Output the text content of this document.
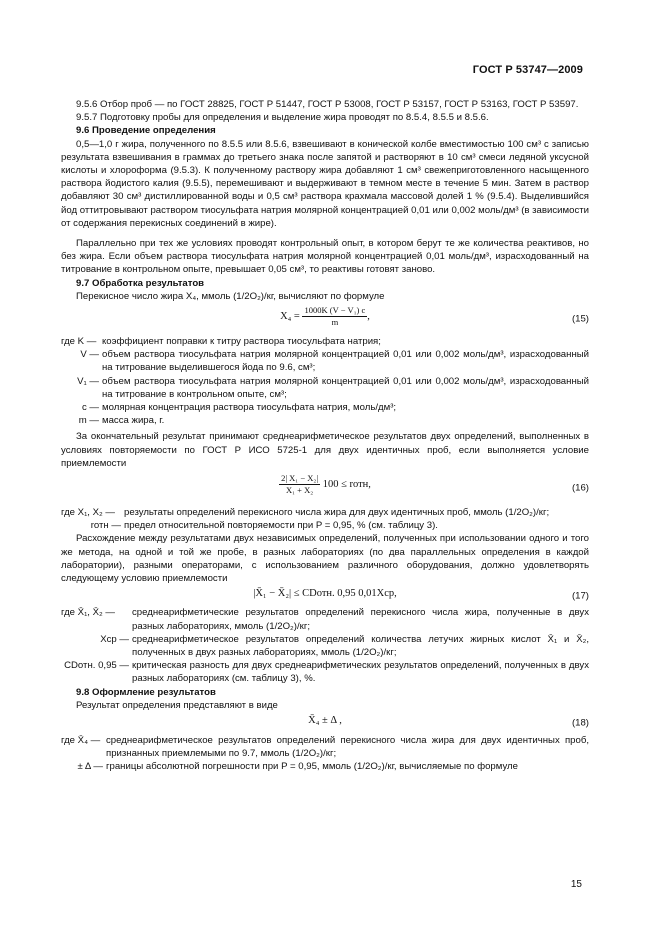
ГОСТ Р 53747—2009

9.5.6 Отбор проб — по ГОСТ 28825, ГОСТ Р 51447, ГОСТ Р 53008, ГОСТ Р 53157, ГОСТ Р 53163, ГОСТ Р 53597.

9.5.7 Подготовку пробы для определения и выделение жира проводят по 8.5.4, 8.5.5 и 8.5.6.

9.6 Проведение определения

0,5—1,0 г жира, полученного по 8.5.5 или 8.5.6, взвешивают в конической колбе вместимостью 100 см³ с записью результата взвешивания в граммах до третьего знака после запятой и растворяют в 10 см³ смеси ледяной уксусной кислоты и хлороформа (9.5.3). К полученному раствору жира добавляют 1 см³ свежеприготовленного насыщенного раствора йодистого калия (9.5.5), перемешивают и выдерживают в темном месте в течение 5 мин. Затем в раствор добавляют 30 см³ дистиллированной воды и 0,5 см³ раствора крахмала массовой долей 1 % (9.5.4). Выделившийся йод оттитровывают раствором тиосульфата натрия молярной концентрацией 0,01 или 0,002 моль/дм³ (в зависимости от содержания перекисных соединений в жире).

Параллельно при тех же условиях проводят контрольный опыт, в котором берут те же количества реактивов, но без жира. Если объем раствора тиосульфата натрия молярной концентрацией 0,01 моль/дм³, израсходованный на титрование в контрольном опыте, превышает 0,05 см³, то реактивы готовят заново.

9.7 Обработка результатов

Перекисное число жира X₄, ммоль (1/2O₂)/кг, вычисляют по формуле

$X_4 = \frac{\text{1000K (V − V₁) c}}{m}$ ,	(15)
где K — коэффициент поправки к титру раствора тиосульфата натрия;
V — объем раствора тиосульфата натрия молярной концентрацией 0,01 или 0,002 моль/дм³, израсходованный на титрование выделившегося йода по 9.6, см³;
V₁ — объем раствора тиосульфата натрия молярной концентрацией 0,01 или 0,002 моль/дм³, израсходованный на титрование в контрольном опыте, см³;
c — молярная концентрация раствора тиосульфата натрия, моль/дм³;
m — масса жира, г.

За окончательный результат принимают среднеарифметическое результатов двух определений, выполненных в условиях повторяемости по ГОСТ Р ИСО 5725-1 для двух идентичных проб, если выполняется условие приемлемости

$\frac{\text{2| X₁ − X₂|}}{\text{X₁ + X₂}} 100$ ≤ rотн,	(16)
где X₁, X₂ — результаты определений перекисного числа жира для двух идентичных проб, ммоль (1/2O₂)/кг;
rотн — предел относительной повторяемости при P = 0,95, % (см. таблицу 3).

Расхождение между результатами двух независимых определений, полученных при использовании одного и того же метода, на одной и той же пробе, в разных лабораториях (по два параллельных определения в каждой лаборатории), разными операторами, с использованием различного оборудования, должно удовлетворять следующему условию приемлемости

|X̄₁ − X̄₂| ≤ CDотн. 0,95 0,01Xср,	(17)
где X̄₁, X̄₂ —	среднеарифметические результатов определений перекисного числа жира, полученные в двух разных лабораториях, ммоль (1/2O₂)/кг;
Xср — среднеарифметическое результатов определений количества летучих жирных кислот X̄₁ и X̄₂, полученных в двух разных лабораториях, ммоль (1/2O₂)/кг;
CDотн. 0,95 — критическая разность для двух среднеарифметических результатов определений, полученных в двух разных лабораториях (см. таблицу 3), %.

9.8 Оформление результатов

Результат определения представляют в виде

X̄₄ ± Δ ,	(18)
где X̄₄ — среднеарифметическое результатов определений перекисного числа жира для двух идентичных проб, признанных приемлемыми по 9.7, ммоль (1/2O₂)/кг;
± Δ — границы абсолютной погрешности при P = 0,95, ммоль (1/2O₂)/кг, вычисляемые по формуле
15
